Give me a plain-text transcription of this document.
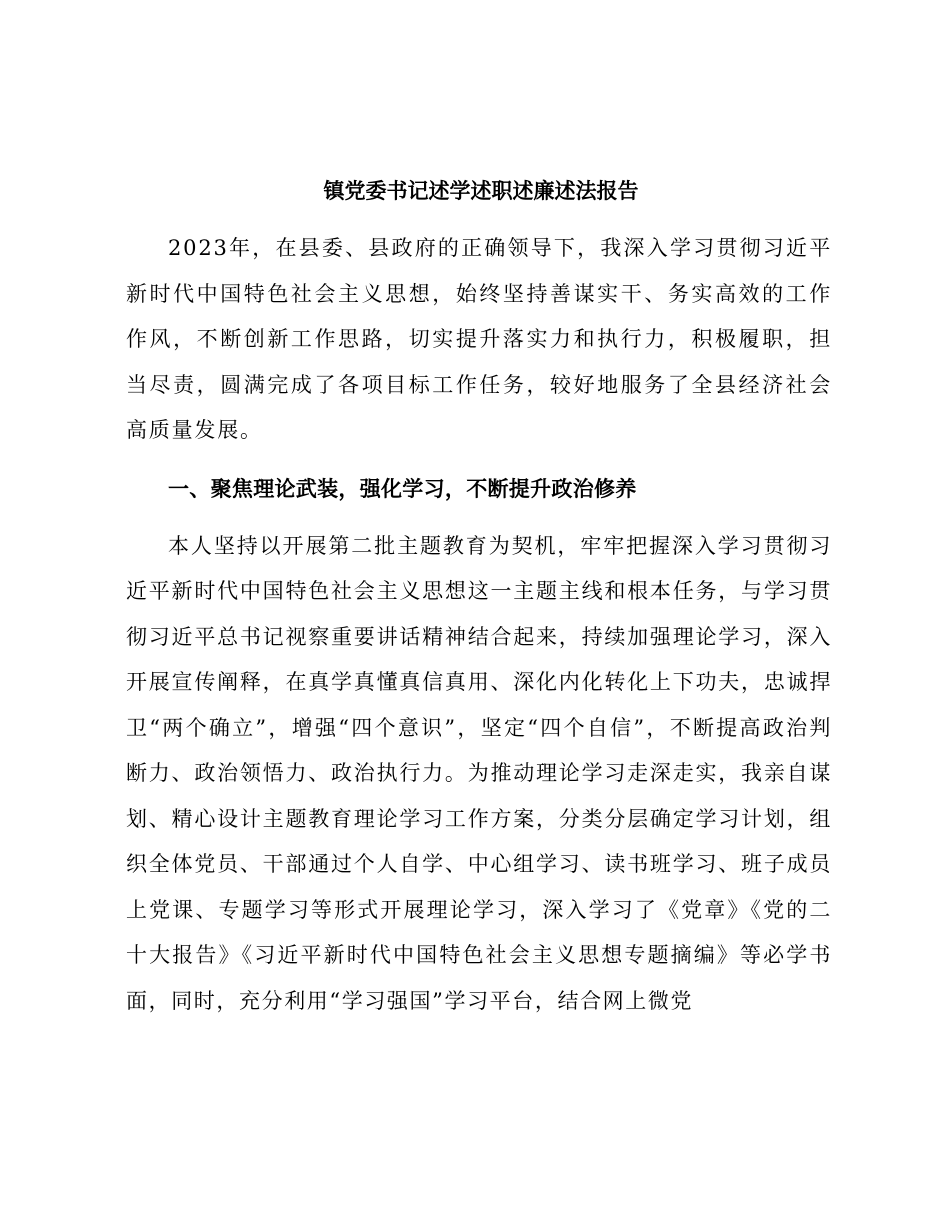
镇党委书记述学述职述廉述法报告

2023年，在县委、县政府的正确领导下，我深入学习贯彻习近平新时代中国特色社会主义思想，始终坚持善谋实干、务实高效的工作作风，不断创新工作思路，切实提升落实力和执行力，积极履职，担当尽责，圆满完成了各项目标工作任务，较好地服务了全县经济社会高质量发展。

一、聚焦理论武装，强化学习，不断提升政治修养

本人坚持以开展第二批主题教育为契机，牢牢把握深入学习贯彻习近平新时代中国特色社会主义思想这一主题主线和根本任务，与学习贯彻习近平总书记视察重要讲话精神结合起来，持续加强理论学习，深入开展宣传阐释，在真学真懂真信真用、深化内化转化上下功夫，忠诚捍卫“两个确立”，增强“四个意识”，坚定“四个自信”，不断提高政治判断力、政治领悟力、政治执行力。为推动理论学习走深走实，我亲自谋划、精心设计主题教育理论学习工作方案，分类分层确定学习计划，组织全体党员、干部通过个人自学、中心组学习、读书班学习、班子成员上党课、专题学习等形式开展理论学习，深入学习了《党章》《党的二十大报告》《习近平新时代中国特色社会主义思想专题摘编》等必学书面，同时，充分利用“学习强国”学习平台，结合网上微党
